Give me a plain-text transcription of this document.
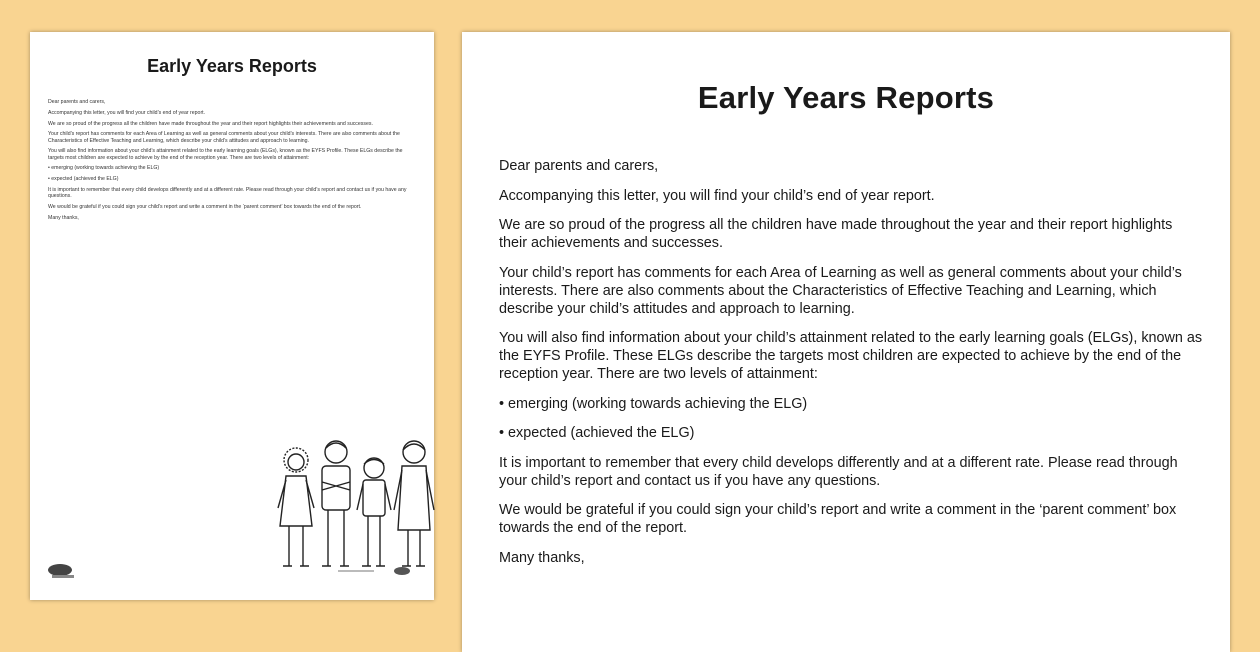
Early Years Reports

Dear parents and carers,

Accompanying this letter, you will find your child’s end of year report.

We are so proud of the progress all the children have made throughout the year and their report highlights their achievements and successes.

Your child’s report has comments for each Area of Learning as well as general comments about your child’s interests. There are also comments about the Characteristics of Effective Teaching and Learning, which describe your child’s attitudes and approach to learning.

You will also find information about your child’s attainment related to the early learning goals (ELGs), known as the EYFS Profile. These ELGs describe the targets most children are expected to achieve by the end of the reception year. There are two levels of attainment:

• emerging (working towards achieving the ELG)

• expected (achieved the ELG)

It is important to remember that every child develops differently and at a different rate. Please read through your child’s report and contact us if you have any questions.

We would be grateful if you could sign your child’s report and write a comment in the ‘parent comment’ box towards the end of the report.

Many thanks,

Early Years Reports

Dear parents and carers,

Accompanying this letter, you will find your child’s end of year report.

We are so proud of the progress all the children have made throughout the year and their report highlights their achievements and successes.

Your child’s report has comments for each Area of Learning as well as general comments about your child’s interests. There are also comments about the Characteristics of Effective Teaching and Learning, which describe your child’s attitudes and approach to learning.

You will also find information about your child’s attainment related to the early learning goals (ELGs), known as the EYFS Profile. These ELGs describe the targets most children are expected to achieve by the end of the reception year. There are two levels of attainment:

• emerging (working towards achieving the ELG)

• expected (achieved the ELG)

It is important to remember that every child develops differently and at a different rate. Please read through your child’s report and contact us if you have any questions.

We would be grateful if you could sign your child’s report and write a comment in the ‘parent comment’ box towards the end of the report.

Many thanks,
